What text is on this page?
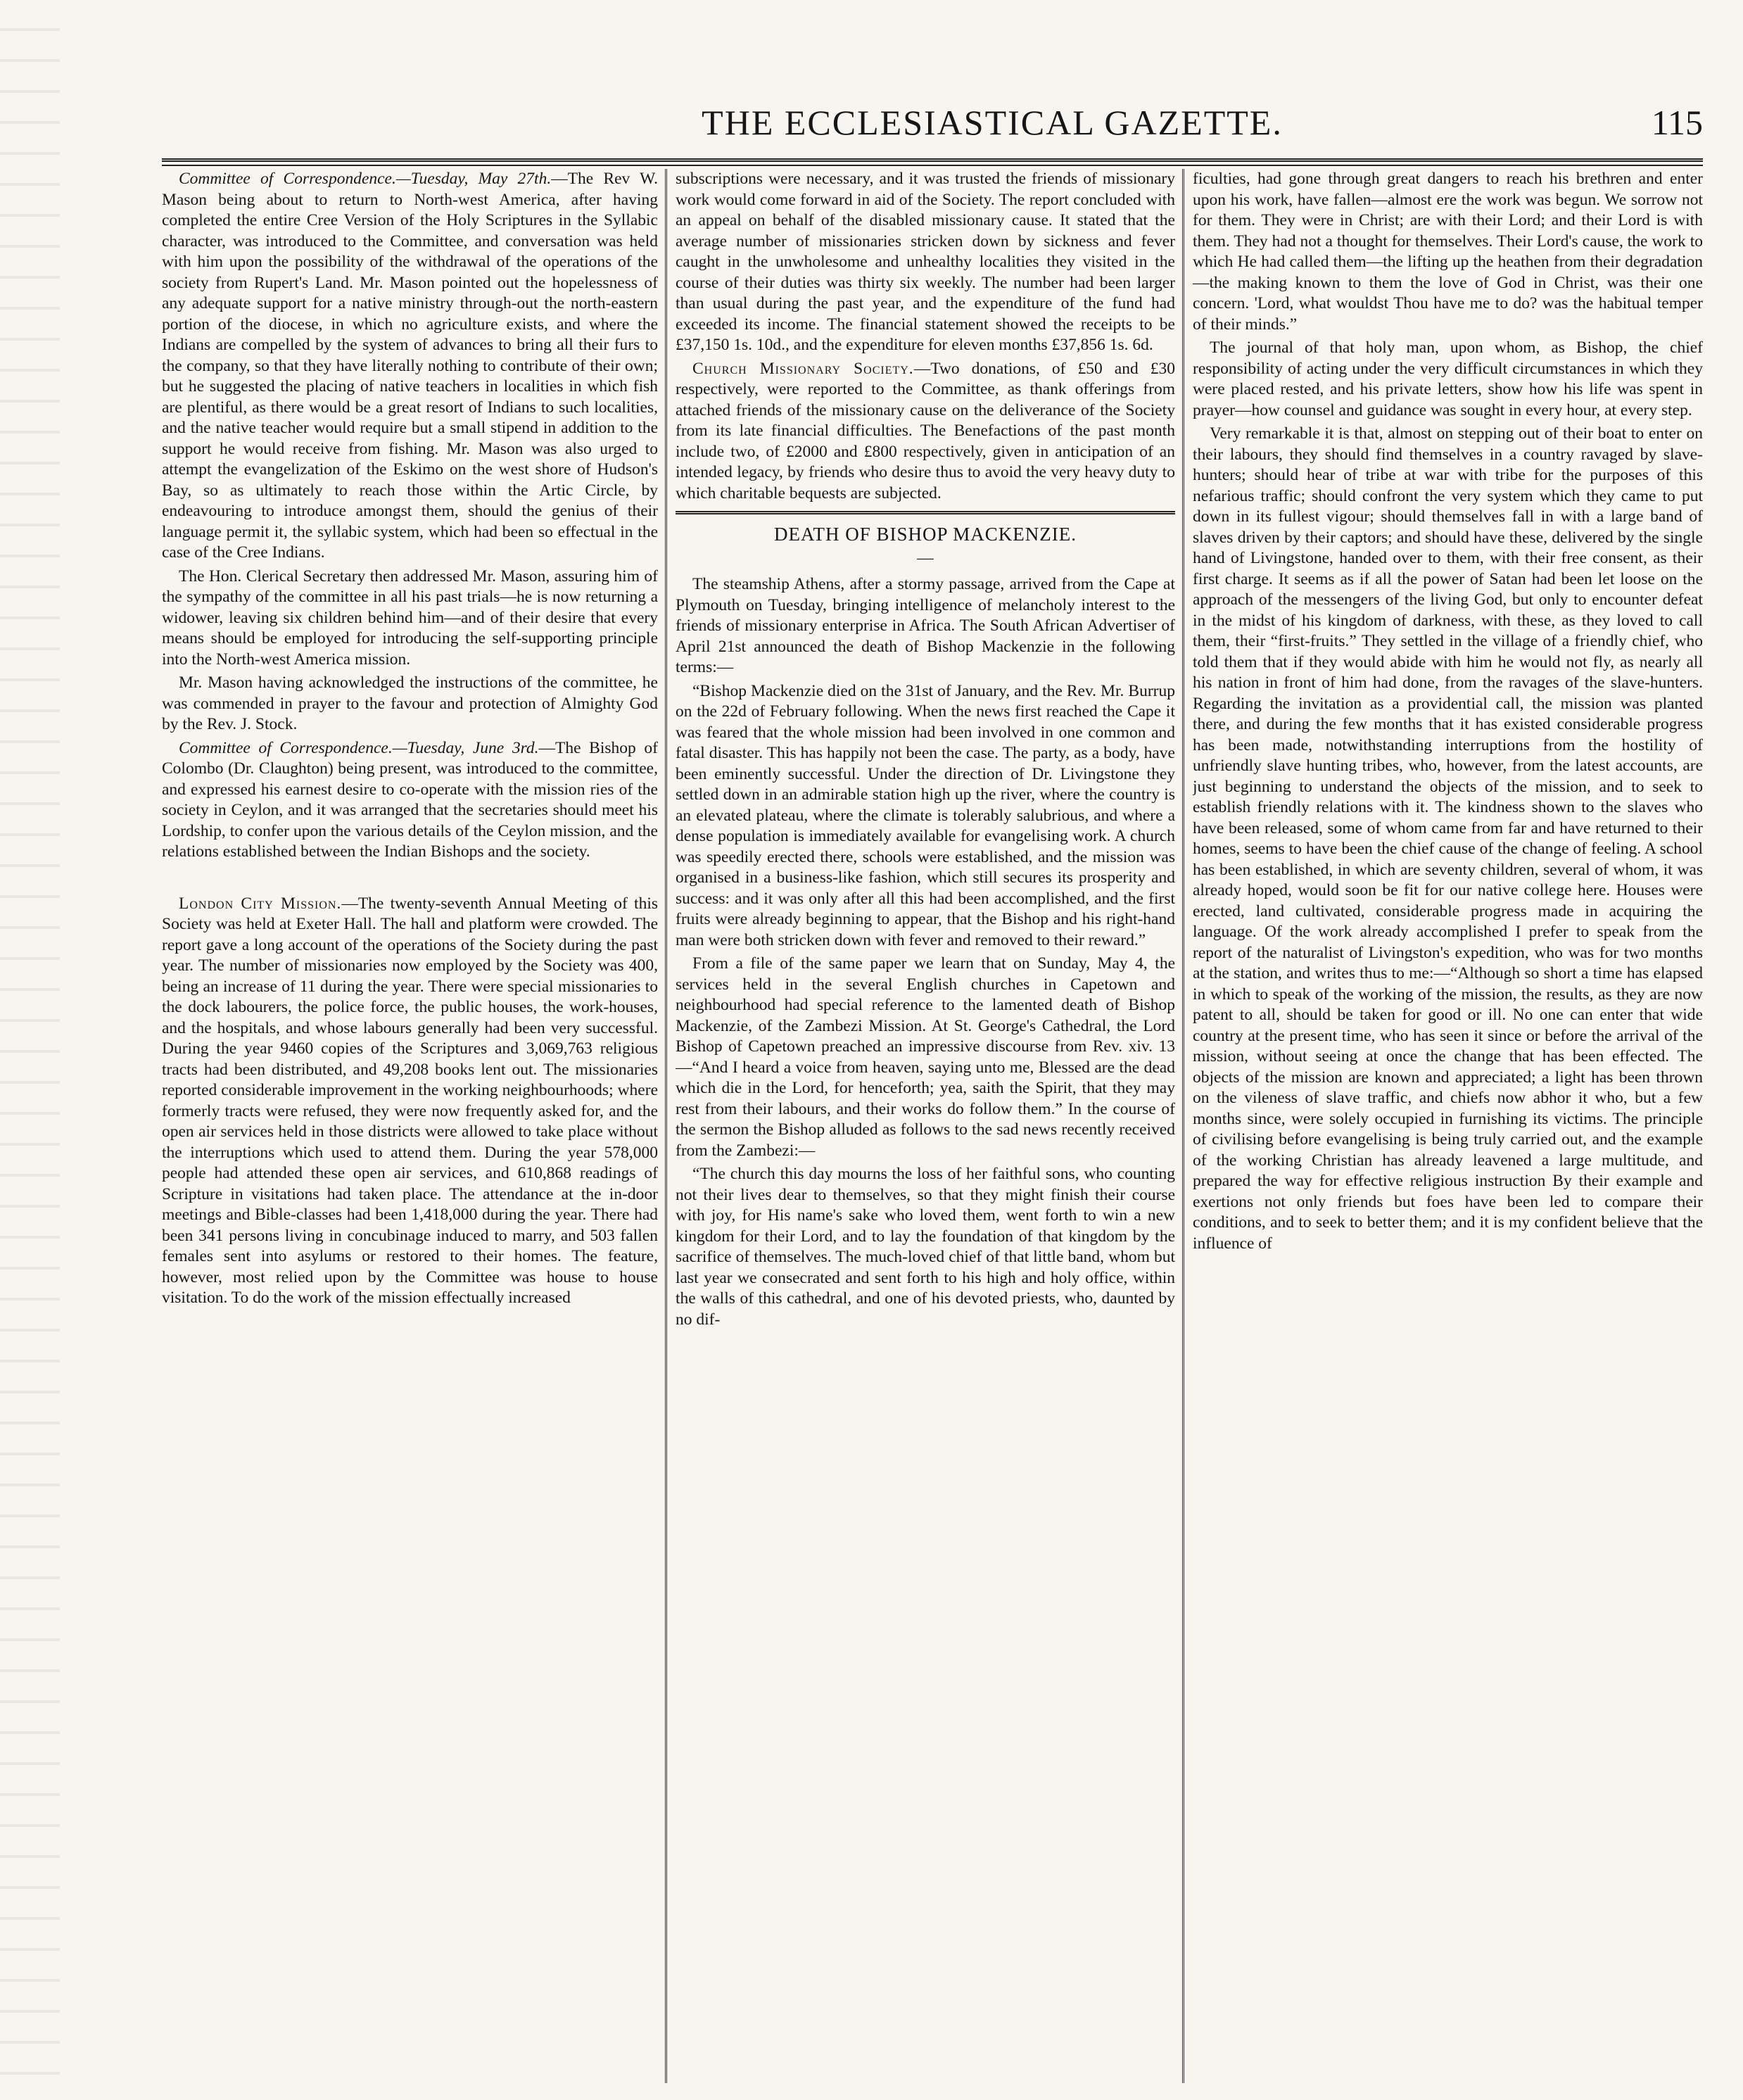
THE ECCLESIASTICAL GAZETTE.	115

Committee of Correspondence.—Tuesday, May 27th.—The Rev W. Mason being about to return to North-west America, after having completed the entire Cree Version of the Holy Scriptures in the Syllabic character, was introduced to the Committee, and conversation was held with him upon the possibility of the withdrawal of the operations of the society from Rupert's Land. Mr. Mason pointed out the hopelessness of any adequate support for a native ministry through-out the north-eastern portion of the diocese, in which no agriculture exists, and where the Indians are compelled by the system of advances to bring all their furs to the company, so that they have literally nothing to contribute of their own; but he suggested the placing of native teachers in localities in which fish are plentiful, as there would be a great resort of Indians to such localities, and the native teacher would require but a small stipend in addition to the support he would receive from fishing. Mr. Mason was also urged to attempt the evangelization of the Eskimo on the west shore of Hudson's Bay, so as ultimately to reach those within the Artic Circle, by endeavouring to introduce amongst them, should the genius of their language permit it, the syllabic system, which had been so effectual in the case of the Cree Indians.

The Hon. Clerical Secretary then addressed Mr. Mason, assuring him of the sympathy of the committee in all his past trials—he is now returning a widower, leaving six children behind him—and of their desire that every means should be employed for introducing the self-supporting principle into the North-west America mission.

Mr. Mason having acknowledged the instructions of the committee, he was commended in prayer to the favour and protection of Almighty God by the Rev. J. Stock.

Committee of Correspondence.—Tuesday, June 3rd.—The Bishop of Colombo (Dr. Claughton) being present, was introduced to the committee, and expressed his earnest desire to co-operate with the mission ries of the society in Ceylon, and it was arranged that the secretaries should meet his Lordship, to confer upon the various details of the Ceylon mission, and the relations established between the Indian Bishops and the society.

London City Mission.—The twenty-seventh Annual Meeting of this Society was held at Exeter Hall. The hall and platform were crowded. The report gave a long account of the operations of the Society during the past year. The number of missionaries now employed by the Society was 400, being an increase of 11 during the year. There were special missionaries to the dock labourers, the police force, the public houses, the work-houses, and the hospitals, and whose labours generally had been very successful. During the year 9460 copies of the Scriptures and 3,069,763 religious tracts had been distributed, and 49,208 books lent out. The missionaries reported considerable improvement in the working neighbourhoods; where formerly tracts were refused, they were now frequently asked for, and the open air services held in those districts were allowed to take place without the interruptions which used to attend them. During the year 578,000 people had attended these open air services, and 610,868 readings of Scripture in visitations had taken place. The attendance at the in-door meetings and Bible-classes had been 1,418,000 during the year. There had been 341 persons living in concubinage induced to marry, and 503 fallen females sent into asylums or restored to their homes. The feature, however, most relied upon by the Committee was house to house visitation. To do the work of the mission effectually increased

subscriptions were necessary, and it was trusted the friends of missionary work would come forward in aid of the Society. The report concluded with an appeal on behalf of the disabled missionary cause. It stated that the average number of missionaries stricken down by sickness and fever caught in the unwholesome and unhealthy localities they visited in the course of their duties was thirty six weekly. The number had been larger than usual during the past year, and the expenditure of the fund had exceeded its income. The financial statement showed the receipts to be £37,150 1s. 10d., and the expenditure for eleven months £37,856 1s. 6d.

Church Missionary Society.—Two donations, of £50 and £30 respectively, were reported to the Committee, as thank offerings from attached friends of the missionary cause on the deliverance of the Society from its late financial difficulties. The Benefactions of the past month include two, of £2000 and £800 respectively, given in anticipation of an intended legacy, by friends who desire thus to avoid the very heavy duty to which charitable bequests are subjected.

DEATH OF BISHOP MACKENZIE.

—

The steamship Athens, after a stormy passage, arrived from the Cape at Plymouth on Tuesday, bringing intelligence of melancholy interest to the friends of missionary enterprise in Africa. The South African Advertiser of April 21st announced the death of Bishop Mackenzie in the following terms:—

“Bishop Mackenzie died on the 31st of January, and the Rev. Mr. Burrup on the 22d of February following. When the news first reached the Cape it was feared that the whole mission had been involved in one common and fatal disaster. This has happily not been the case. The party, as a body, have been eminently successful. Under the direction of Dr. Livingstone they settled down in an admirable station high up the river, where the country is an elevated plateau, where the climate is tolerably salubrious, and where a dense population is immediately available for evangelising work. A church was speedily erected there, schools were established, and the mission was organised in a business-like fashion, which still secures its prosperity and success: and it was only after all this had been accomplished, and the first fruits were already beginning to appear, that the Bishop and his right-hand man were both stricken down with fever and removed to their reward.”

From a file of the same paper we learn that on Sunday, May 4, the services held in the several English churches in Capetown and neighbourhood had special reference to the lamented death of Bishop Mackenzie, of the Zambezi Mission. At St. George's Cathedral, the Lord Bishop of Capetown preached an impressive discourse from Rev. xiv. 13—“And I heard a voice from heaven, saying unto me, Blessed are the dead which die in the Lord, for henceforth; yea, saith the Spirit, that they may rest from their labours, and their works do follow them.” In the course of the sermon the Bishop alluded as follows to the sad news recently received from the Zambezi:—

“The church this day mourns the loss of her faithful sons, who counting not their lives dear to themselves, so that they might finish their course with joy, for His name's sake who loved them, went forth to win a new kingdom for their Lord, and to lay the foundation of that kingdom by the sacrifice of themselves. The much-loved chief of that little band, whom but last year we consecrated and sent forth to his high and holy office, within the walls of this cathedral, and one of his devoted priests, who, daunted by no dif-

ficulties, had gone through great dangers to reach his brethren and enter upon his work, have fallen—almost ere the work was begun. We sorrow not for them. They were in Christ; are with their Lord; and their Lord is with them. They had not a thought for themselves. Their Lord's cause, the work to which He had called them—the lifting up the heathen from their degradation—the making known to them the love of God in Christ, was their one concern. 'Lord, what wouldst Thou have me to do? was the habitual temper of their minds.”

The journal of that holy man, upon whom, as Bishop, the chief responsibility of acting under the very difficult circumstances in which they were placed rested, and his private letters, show how his life was spent in prayer—how counsel and guidance was sought in every hour, at every step.

Very remarkable it is that, almost on stepping out of their boat to enter on their labours, they should find themselves in a country ravaged by slave-hunters; should hear of tribe at war with tribe for the purposes of this nefarious traffic; should confront the very system which they came to put down in its fullest vigour; should themselves fall in with a large band of slaves driven by their captors; and should have these, delivered by the single hand of Livingstone, handed over to them, with their free consent, as their first charge. It seems as if all the power of Satan had been let loose on the approach of the messengers of the living God, but only to encounter defeat in the midst of his kingdom of darkness, with these, as they loved to call them, their “first-fruits.” They settled in the village of a friendly chief, who told them that if they would abide with him he would not fly, as nearly all his nation in front of him had done, from the ravages of the slave-hunters. Regarding the invitation as a providential call, the mission was planted there, and during the few months that it has existed considerable progress has been made, notwithstanding interruptions from the hostility of unfriendly slave hunting tribes, who, however, from the latest accounts, are just beginning to understand the objects of the mission, and to seek to establish friendly relations with it. The kindness shown to the slaves who have been released, some of whom came from far and have returned to their homes, seems to have been the chief cause of the change of feeling. A school has been established, in which are seventy children, several of whom, it was already hoped, would soon be fit for our native college here. Houses were erected, land cultivated, considerable progress made in acquiring the language. Of the work already accomplished I prefer to speak from the report of the naturalist of Livingston's expedition, who was for two months at the station, and writes thus to me:—“Although so short a time has elapsed in which to speak of the working of the mission, the results, as they are now patent to all, should be taken for good or ill. No one can enter that wide country at the present time, who has seen it since or before the arrival of the mission, without seeing at once the change that has been effected. The objects of the mission are known and appreciated; a light has been thrown on the vileness of slave traffic, and chiefs now abhor it who, but a few months since, were solely occupied in furnishing its victims. The principle of civilising before evangelising is being truly carried out, and the example of the working Christian has already leavened a large multitude, and prepared the way for effective religious instruction By their example and exertions not only friends but foes have been led to compare their conditions, and to seek to better them; and it is my confident believe that the influence of
